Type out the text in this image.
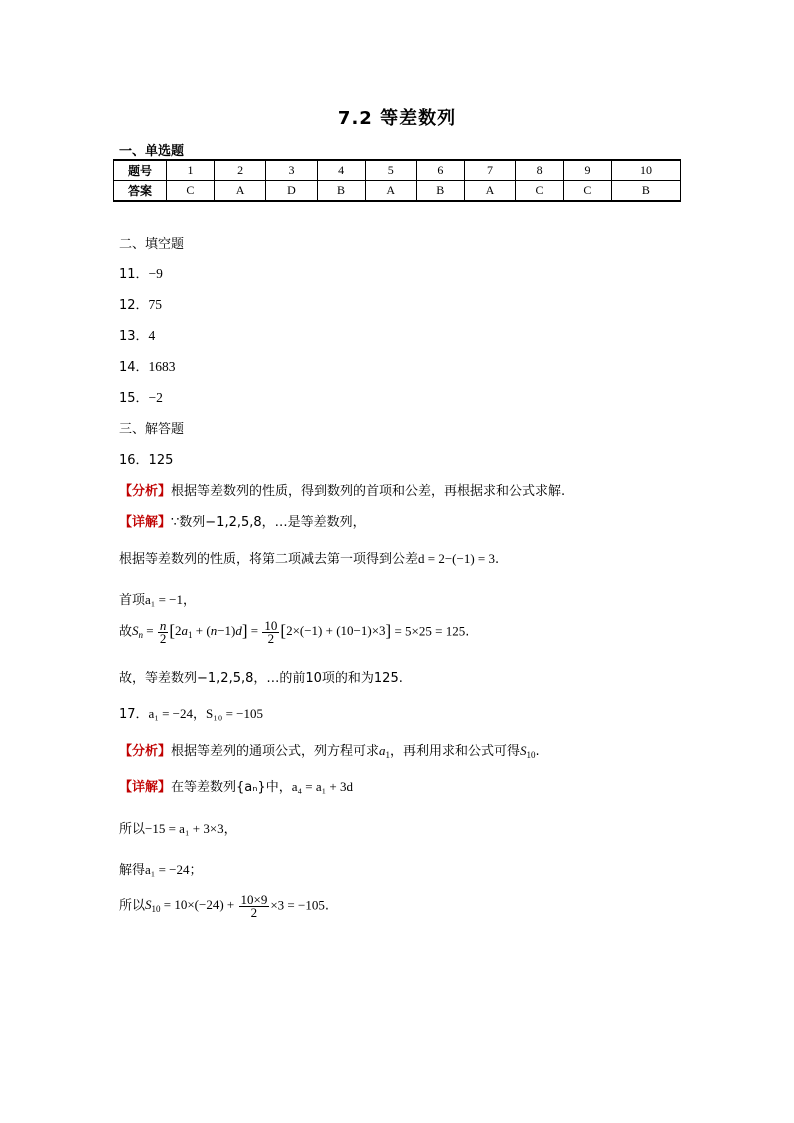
7.2 等差数列
一、单选题
题号	1	2	3	4	5	6	7	8	9	10
答案	C	A	D	B	A	B	A	C	C	B
二、填空题
11．−9
12．75
13．4
14．1683
15．−2
三、解答题
16．125
【分析】根据等差数列的性质，得到数列的首项和公差，再根据求和公式求解.
【详解】∵数列−1,2,5,8，…是等差数列，
根据等差数列的性质，将第二项减去第一项得到公差d = 2−(−1) = 3.
首项a₁ = −1，
故$S_n = \frac{n}{2} [2a_1 + (n-1)d] = \frac{10}{2} [2\times(-1) + (10-1)\times 3] = 5\times 25 = 125$.
故，等差数列−1,2,5,8，…的前10项的和为125.
17．a₁ = −24，S₁₀ = −105
【分析】根据等差列的通项公式，列方程可求$a_1$，再利用求和公式可得$S_{10}$.
【详解】在等差数列{aₙ}中，a₄ = a₁ + 3d
所以−15 = a₁ + 3×3，
解得a₁ = −24；
所以$S_{10} = 10\times(-24) + \frac{10\times 9}{2} \times 3 = -105$.
